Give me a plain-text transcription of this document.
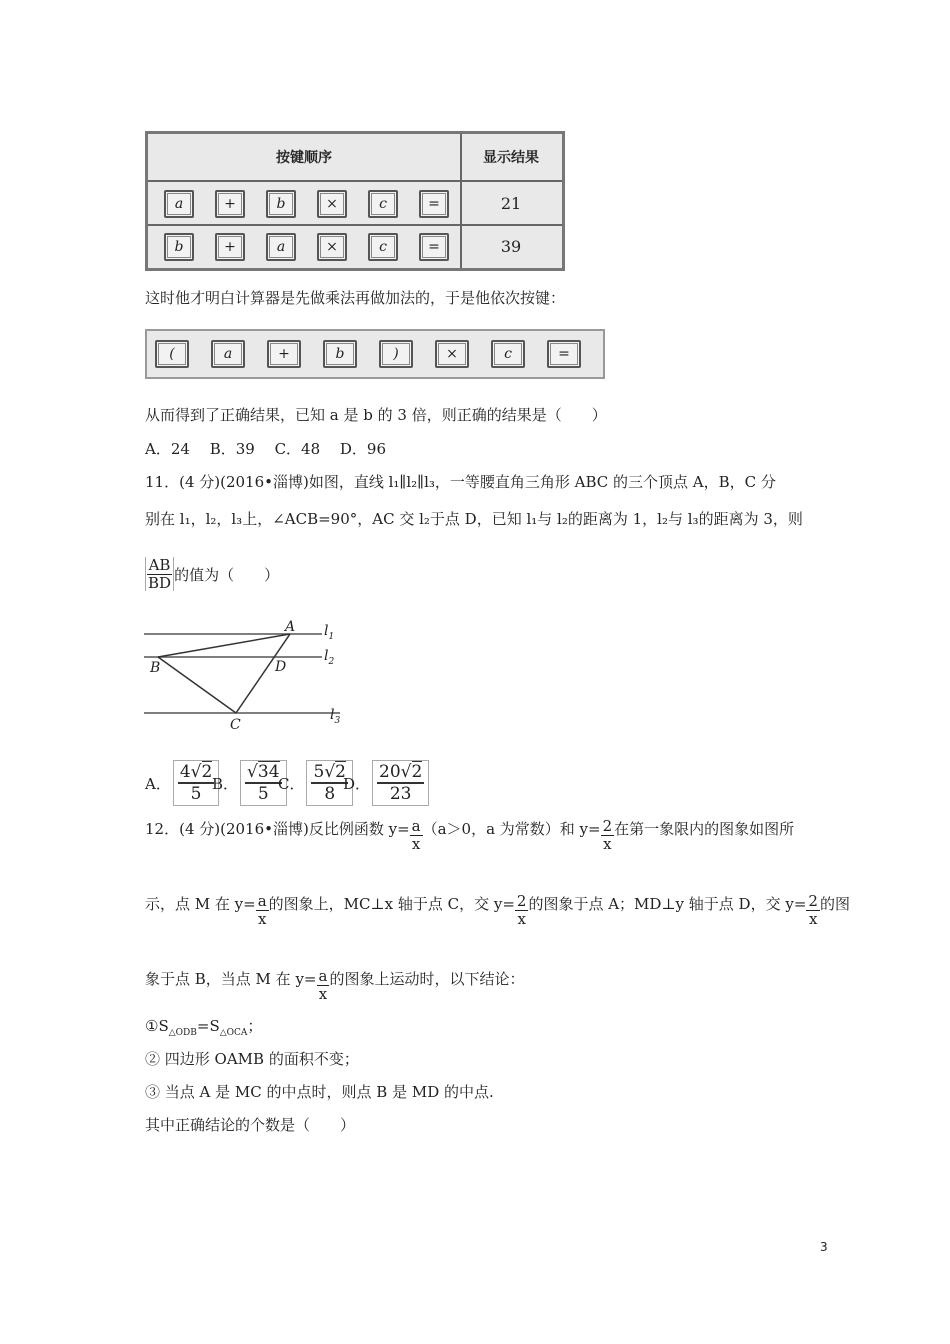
按键顺序	显示结果
a	+	b	×	c	=	21
b	+	a	×	c	=	39
这时他才明白计算器是先做乘法再做加法的，于是他依次按键：
(	a	+	b	)	×	c	=
从而得到了正确结果，已知 a 是 b 的 3 倍，则正确的结果是（　　）
A．24　 B．39　 C．48　 D．96
11．(4 分)(2016•淄博)如图，直线 l₁∥l₂∥l₃，一等腰直角三角形 ABC 的三个顶点 A，B，C 分
别在 l₁，l₂，l₃上，∠ACB=90°，AC 交 l₂于点 D，已知 l₁与 l₂的距离为 1，l₂与 l₃的距离为 3，则
$\frac{AB}{BD}$ 的值为（　　）
A
B	D
C
$l_1$
$l_2$
$l_3$
A． $\frac{4√2}{5}$
B． $\frac{√34}{5}$
C． $\frac{5√2}{8}$
D． $\frac{20√2}{23}$
12．(4 分)(2016•淄博)反比例函数 $y= \frac{a}{x} (a>0$，a 为常数）和 $y= \frac{2}{x}$ 在第一象限内的图象如图所
示，点 M 在 $y= \frac{a}{x}$ 的图象上，MC⊥x 轴于点 C，交 $y= \frac{2}{x}$ 的图象于点 A；MD⊥y 轴于点 D，交 $y= \frac{2}{x}$ 的图
象于点 B，当点 M 在 $y= \frac{a}{x}$ 的图象上运动时，以下结论：
$①S_{\triangle ODB}=S_{\triangle OCA}$；
② 四边形 OAMB 的面积不变；
③ 当点 A 是 MC 的中点时，则点 B 是 MD 的中点.
其中正确结论的个数是（　　）
3
